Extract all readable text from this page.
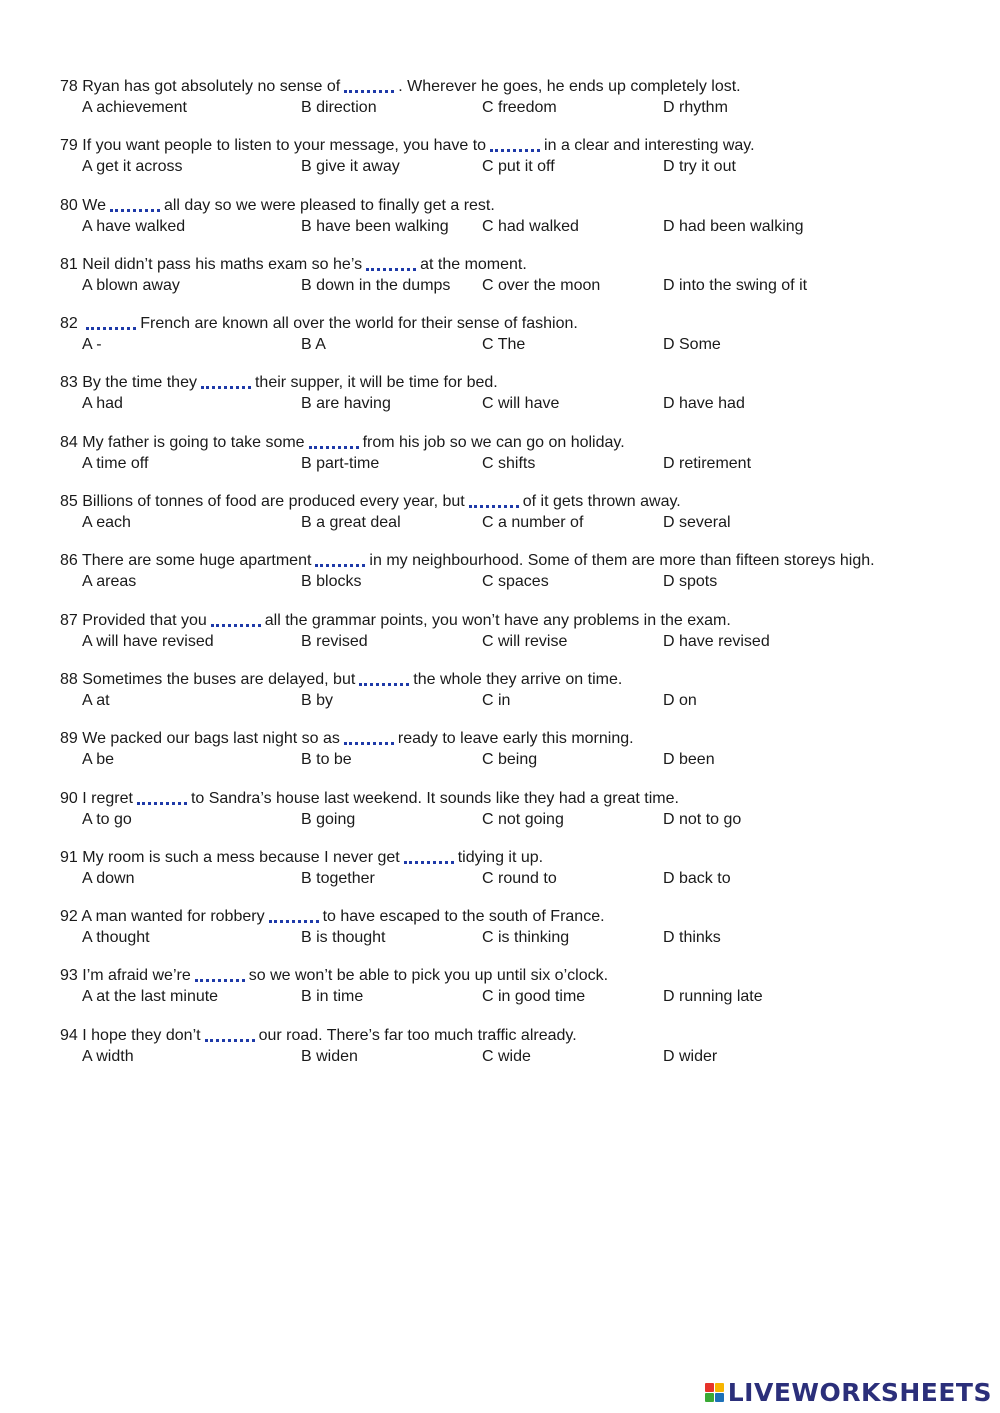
78 Ryan has got absolutely no sense of	. Wherever he goes, he ends up completely lost.
A achievement	B direction	C freedom	D rhythm
79 If you want people to listen to your message, you have to	in a clear and interesting way.
A get it across	B give it away	C put it off	D try it out
80 We	all day so we were pleased to finally get a rest.
A have walked	B have been walking C had walked	D had been walking
81 Neil didn’t pass his maths exam so he’s	at the moment.
A blown away	B down in the dumps C over the moon	D into the swing of it
82	French are known all over the world for their sense of fashion.
A -	B A	C The	D Some
83 By the time they	their supper, it will be time for bed.
A had	B are having	C will have	D have had
84 My father is going to take some	from his job so we can go on holiday.
A time off	B part-time	C shifts	D retirement
85 Billions of tonnes of food are produced every year, but	of it gets thrown away.
A each	B a great deal	C a number of	D several
86 There are some huge apartment	in my neighbourhood. Some of them are more than fifteen storeys high.
A areas	B blocks	C spaces	D spots
87 Provided that you	all the grammar points, you won’t have any problems in the exam.
A will have revised	B revised	C will revise	D have revised
88 Sometimes the buses are delayed, but	the whole they arrive on time.
A at	B by	C in	D on
89 We packed our bags last night so as	ready to leave early this morning.
A be	B to be	C being	D been
90 I regret	to Sandra’s house last weekend. It sounds like they had a great time.
A to go	B going	C not going	D not to go
91 My room is such a mess because I never get	tidying it up.
A down	B together	C round to	D back to
92 A man wanted for robbery	to have escaped to the south of France.
A thought	B is thought	C is thinking	D thinks
93 I’m afraid we’re	so we won’t be able to pick you up until six o’clock.
A at the last minute	B in time	C in good time	D running late
94 I hope they don’t	our road. There’s far too much traffic already.
A width	B widen	C wide	D wider
LIVEWORKSHEETS
